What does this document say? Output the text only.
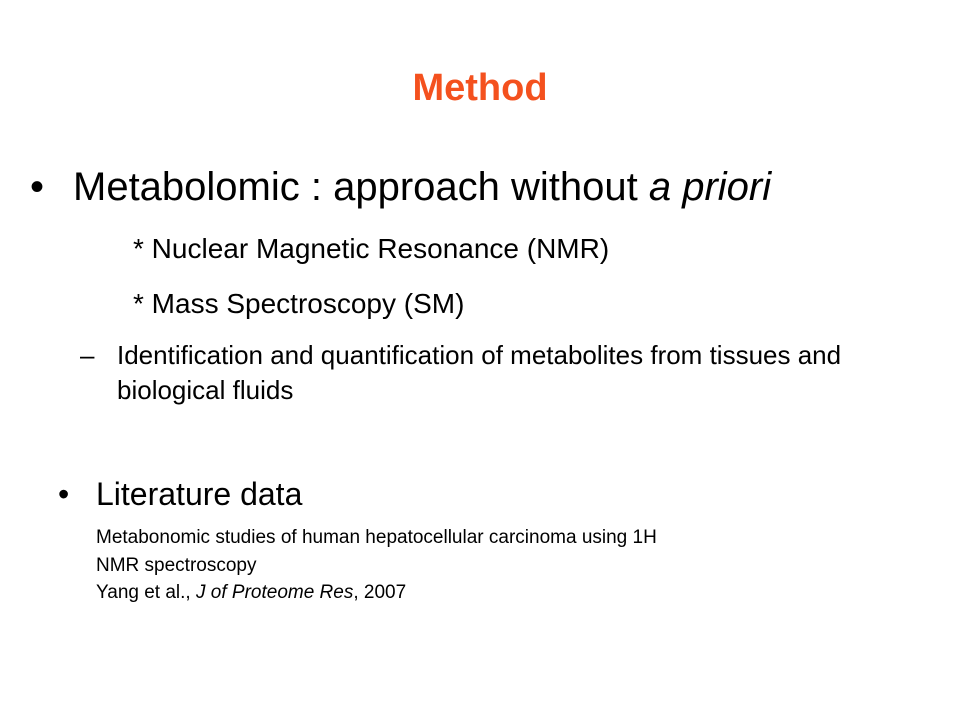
Method
• Metabolomic : approach without a priori
* Nuclear Magnetic Resonance (NMR)
* Mass Spectroscopy (SM)
– Identification and quantification of metabolites from tissues and biological fluids
• Literature data
Metabonomic studies of human hepatocellular carcinoma using 1H
NMR spectroscopy
Yang et al., J of Proteome Res, 2007
